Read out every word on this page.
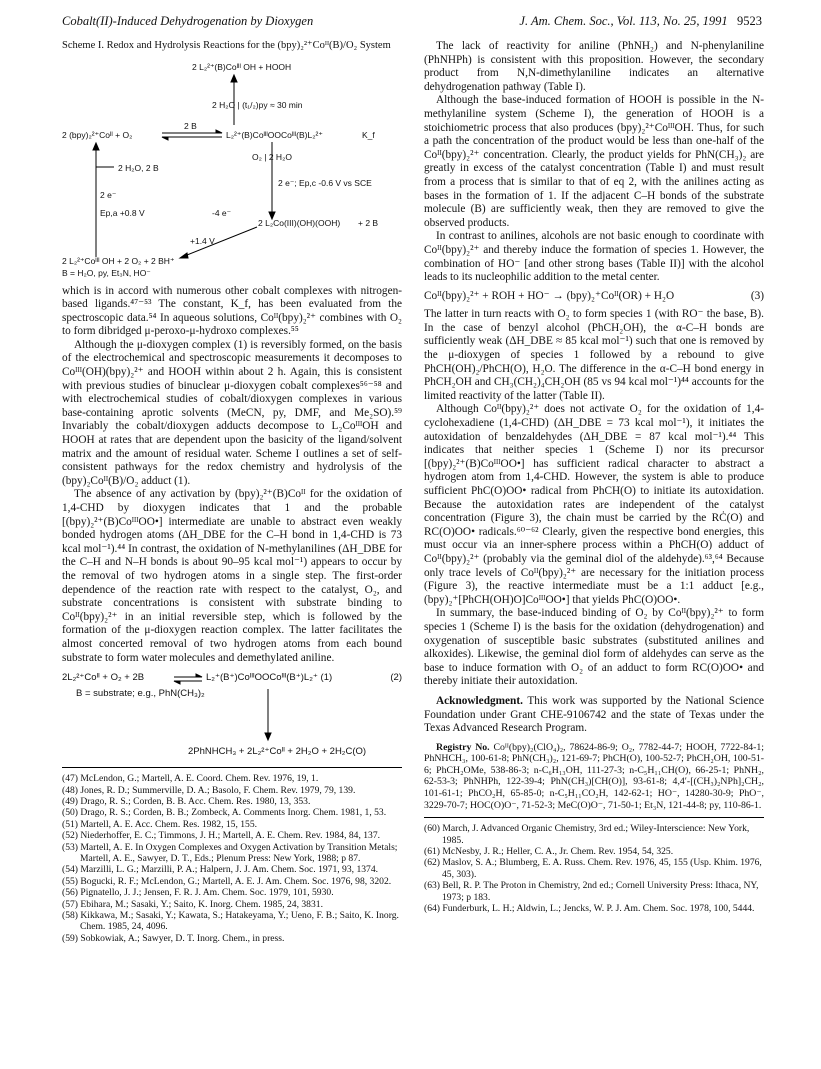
Cobalt(II)-Induced Dehydrogenation by Dioxygen	J. Am. Chem. Soc., Vol. 113, No. 25, 1991 9523

Scheme I. Redox and Hydrolysis Reactions for the (bpy)₂²⁺Coᴵᴵ(B)/O₂ System

2 L₂²⁺(B)Coᴵᴵᴵ OH + HOOH
2 H₂O | (t₁/₂)py ≈ 30 min
2 (bpy)₂²⁺Coᴵᴵ + O₂
2 B
L₂²⁺(B)CoᴵᴵᴵOOCoᴵᴵᴵ(B)L₂²⁺	K_f
O₂ | 2 H₂O
2 H₂O, 2 B
2 e⁻; Ep,c -0.6 V vs SCE
2 e⁻
Ep,a +0.8 V	-4 e⁻
+1.4 V
2 L₂Co(III)(OH)(OOH) + 2 B
2 L₂²⁺Coᴵᴵᴵ OH + 2 O₂ + 2 BH⁺
B = H₂O, py, Et₃N, HO⁻

which is in accord with numerous other cobalt complexes with nitrogen-based ligands.⁴⁷⁻⁵³ The constant, K_f, has been evaluated from the spectroscopic data.⁵⁴ In aqueous solutions, Coᴵᴵ(bpy)₂²⁺ combines with O₂ to form dibridged μ-peroxo-μ-hydroxo complexes.⁵⁵

Although the μ-dioxygen complex (1) is reversibly formed, on the basis of the electrochemical and spectroscopic measurements it decomposes to Coᴵᴵᴵ(OH)(bpy)₂²⁺ and HOOH within about 2 h. Again, this is consistent with previous studies of binuclear μ-dioxygen cobalt complexes⁵⁶⁻⁵⁸ and with electrochemical studies of cobalt/dioxygen complexes in various base-containing aprotic solvents (MeCN, py, DMF, and Me₂SO).⁵⁹ Invariably the cobalt/dioxygen adducts decompose to L₂CoᴵᴵᴵOH and HOOH at rates that are dependent upon the basicity of the ligand/solvent matrix and the amount of residual water. Scheme I outlines a set of self-consistent pathways for the redox chemistry and hydrolysis of the (bpy)₂Coᴵᴵ(B)/O₂ adduct (1).

The absence of any activation by (bpy)₂²⁺(B)Coᴵᴵ for the oxidation of 1,4-CHD by dioxygen indicates that 1 and the probable [(bpy)₂²⁺(B)CoᴵᴵᴵOO•] intermediate are unable to abstract even weakly bonded hydrogen atoms (ΔH_DBE for the C–H bond in 1,4-CHD is 73 kcal mol⁻¹).⁴⁴ In contrast, the oxidation of N-methylanilines (ΔH_DBE for the C–H and N–H bonds is about 90–95 kcal mol⁻¹) appears to occur by the removal of two hydrogen atoms in a single step. The first-order dependence of the reaction rate with respect to the catalyst, O₂, and substrate concentrations is consistent with substrate binding to Coᴵᴵ(bpy)₂²⁺ in an initial reversible step, which is followed by the formation of the μ-dioxygen reaction complex. The latter facilitates the almost concerted removal of two hydrogen atoms from each bound substrate to form water molecules and demethylated aniline.

2L₂²⁺Coᴵᴵ + O₂ + 2B	L₂⁺(B⁺)CoᴵᴵᴵOOCoᴵᴵᴵ(B⁺)L₂⁺ (1)	(2)
B = substrate; e.g., PhN(CH₃)₂
2PhNHCH₃ + 2L₂²⁺Coᴵᴵ + 2H₂O + 2H₂C(O)
(47) McLendon, G.; Martell, A. E. Coord. Chem. Rev. 1976, 19, 1.
(48) Jones, R. D.; Summerville, D. A.; Basolo, F. Chem. Rev. 1979, 79, 139.
(49) Drago, R. S.; Corden, B. B. Acc. Chem. Res. 1980, 13, 353.
(50) Drago, R. S.; Corden, B. B.; Zombeck, A. Comments Inorg. Chem. 1981, 1, 53.
(51) Martell, A. E. Acc. Chem. Res. 1982, 15, 155.
(52) Niederhoffer, E. C.; Timmons, J. H.; Martell, A. E. Chem. Rev. 1984, 84, 137.
(53) Martell, A. E. In Oxygen Complexes and Oxygen Activation by Transition Metals; Martell, A. E., Sawyer, D. T., Eds.; Plenum Press: New York, 1988; p 87.
(54) Marzilli, L. G.; Marzilli, P. A.; Halpern, J. J. Am. Chem. Soc. 1971, 93, 1374.
(55) Bogucki, R. F.; McLendon, G.; Martell, A. E. J. Am. Chem. Soc. 1976, 98, 3202.
(56) Pignatello, J. J.; Jensen, F. R. J. Am. Chem. Soc. 1979, 101, 5930.
(57) Ebihara, M.; Sasaki, Y.; Saito, K. Inorg. Chem. 1985, 24, 3831.
(58) Kikkawa, M.; Sasaki, Y.; Kawata, S.; Hatakeyama, Y.; Ueno, F. B.; Saito, K. Inorg. Chem. 1985, 24, 4096.
(59) Sobkowiak, A.; Sawyer, D. T. Inorg. Chem., in press.

The lack of reactivity for aniline (PhNH₂) and N-phenylaniline (PhNHPh) is consistent with this proposition. However, the secondary product from N,N-dimethylaniline indicates an alternative dehydrogenation pathway (Table I).

Although the base-induced formation of HOOH is possible in the N-methylaniline system (Scheme I), the generation of HOOH is a stoichiometric process that also produces (bpy)₂²⁺CoᴵᴵᴵOH. Thus, for such a path the concentration of the product would be less than one-half of the Coᴵᴵ(bpy)₂²⁺ concentration. Clearly, the product yields for PhN(CH₃)₂ are greatly in excess of the catalyst concentration (Table I) and must result from a process that is similar to that of eq 2, with the anilines acting as bases in the formation of 1. If the adjacent C–H bonds of the substrate molecule (B) are sufficiently weak, then they are removed to give the observed products.

In contrast to anilines, alcohols are not basic enough to coordinate with Coᴵᴵ(bpy)₂²⁺ and thereby induce the formation of species 1. However, the combination of HO⁻ [and other strong bases (Table II)] with the alcohol leads to its nucleophilic addition to the metal center.

Coᴵᴵ(bpy)₂²⁺ + ROH + HO⁻ → (bpy)₂⁺Coᴵᴵ(OR) + H₂O	(3)

The latter in turn reacts with O₂ to form species 1 (with RO⁻ the base, B). In the case of benzyl alcohol (PhCH₂OH), the α-C–H bonds are sufficiently weak (ΔH_DBE ≈ 85 kcal mol⁻¹) such that one is removed by the μ-dioxygen of species 1 followed by a rebound to give PhCH(OH)₂/PhCH(O), H₂O. The difference in the α-C–H bond energy in PhCH₂OH and CH₃(CH₂)₄CH₂OH (85 vs 94 kcal mol⁻¹)⁴⁴ accounts for the limited reactivity of the latter (Table II).

Although Coᴵᴵ(bpy)₂²⁺ does not activate O₂ for the oxidation of 1,4-cyclohexadiene (1,4-CHD) (ΔH_DBE = 73 kcal mol⁻¹), it initiates the autoxidation of benzaldehydes (ΔH_DBE = 87 kcal mol⁻¹).⁴⁴ This indicates that neither species 1 (Scheme I) nor its precursor [(bpy)₂²⁺(B)CoᴵᴵᴵOO•] has sufficient radical character to abstract a hydrogen atom from 1,4-CHD. However, the system is able to produce sufficient PhC(O)OO• radical from PhCH(O) to initiate its autoxidation. Because the autoxidation rates are independent of the catalyst concentration (Figure 3), the chain must be carried by the RĊ(O) and RC(O)OO• radicals.⁶⁰⁻⁶² Clearly, given the respective bond energies, this must occur via an inner-sphere process within a PhCH(O) adduct of Coᴵᴵ(bpy)₂²⁺ (probably via the geminal diol of the aldehyde).⁶³,⁶⁴ Because only trace levels of Coᴵᴵ(bpy)₂²⁺ are necessary for the initiation process (Figure 3), the reactive intermediate must be a 1:1 adduct [e.g., (bpy)₂⁺[PhCH(OH)O]CoᴵᴵᴵOO•] that yields PhC(O)OO•.

In summary, the base-induced binding of O₂ by Coᴵᴵ(bpy)₂²⁺ to form species 1 (Scheme I) is the basis for the oxidation (dehydrogenation) and oxygenation of susceptible basic substrates (substituted anilines and alkoxides). Likewise, the geminal diol form of aldehydes can serve as the base to induce formation with O₂ of an adduct to form RC(O)OO• and thereby initiate their autoxidation.

Acknowledgment. This work was supported by the National Science Foundation under Grant CHE-9106742 and the state of Texas under the Texas Advanced Research Program.

Registry No. Coᴵᴵ(bpy)₂(ClO₄)₂, 78624-86-9; O₂, 7782-44-7; HOOH, 7722-84-1; PhNHCH₃, 100-61-8; PhN(CH₃)₂, 121-69-7; PhCH(O), 100-52-7; PhCH₂OH, 100-51-6; PhCH₂OMe, 538-86-3; n-C₆H₁₃OH, 111-27-3; n-C₅H₁₁CH(O), 66-25-1; PhNH₂, 62-53-3; PhNHPh, 122-39-4; PhN(CH₃)[CH(O)], 93-61-8; 4,4′-[(CH₃)₂NPh]₂CH₂, 101-61-1; PhCO₂H, 65-85-0; n-C₅H₁₁CO₂H, 142-62-1; HO⁻, 14280-30-9; PhO⁻, 3229-70-7; HOC(O)O⁻, 71-52-3; MeC(O)O⁻, 71-50-1; Et₃N, 121-44-8; py, 110-86-1.

(60) March, J. Advanced Organic Chemistry, 3rd ed.; Wiley-Interscience: New York, 1985.
(61) McNesby, J. R.; Heller, C. A., Jr. Chem. Rev. 1954, 54, 325.
(62) Maslov, S. A.; Blumberg, E. A. Russ. Chem. Rev. 1976, 45, 155 (Usp. Khim. 1976, 45, 303).
(63) Bell, R. P. The Proton in Chemistry, 2nd ed.; Cornell University Press: Ithaca, NY, 1973; p 183.
(64) Funderburk, L. H.; Aldwin, L.; Jencks, W. P. J. Am. Chem. Soc. 1978, 100, 5444.
